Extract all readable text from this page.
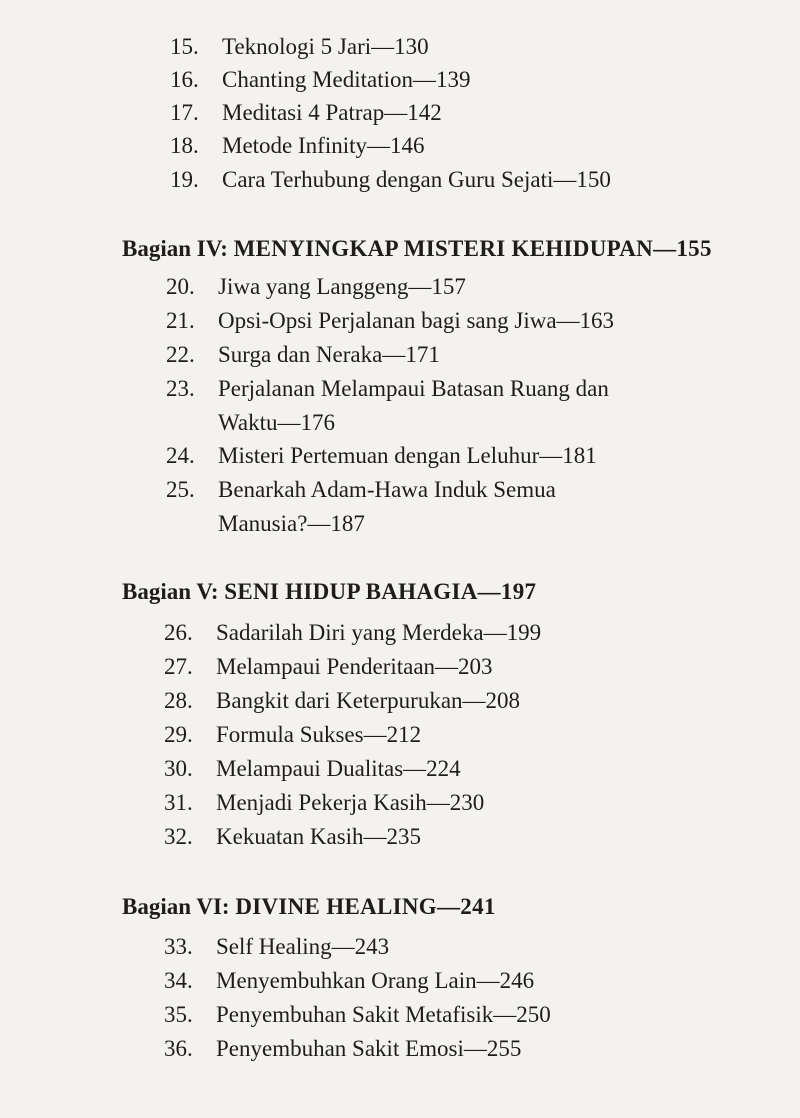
15. Teknologi 5 Jari—130
16. Chanting Meditation—139
17. Meditasi 4 Patrap—142
18. Metode Infinity—146
19. Cara Terhubung dengan Guru Sejati—150
Bagian IV: MENYINGKAP MISTERI KEHIDUPAN—155
20. Jiwa yang Langgeng—157
21. Opsi-Opsi Perjalanan bagi sang Jiwa—163
22. Surga dan Neraka—171
23. Perjalanan Melampaui Batasan Ruang dan
Waktu—176
24. Misteri Pertemuan dengan Leluhur—181
25. Benarkah Adam-Hawa Induk Semua
Manusia?—187
Bagian V: SENI HIDUP BAHAGIA—197
26. Sadarilah Diri yang Merdeka—199
27. Melampaui Penderitaan—203
28. Bangkit dari Keterpurukan—208
29. Formula Sukses—212
30. Melampaui Dualitas—224
31. Menjadi Pekerja Kasih—230
32. Kekuatan Kasih—235
Bagian VI: DIVINE HEALING—241
33. Self Healing—243
34. Menyembuhkan Orang Lain—246
35. Penyembuhan Sakit Metafisik—250
36. Penyembuhan Sakit Emosi—255
